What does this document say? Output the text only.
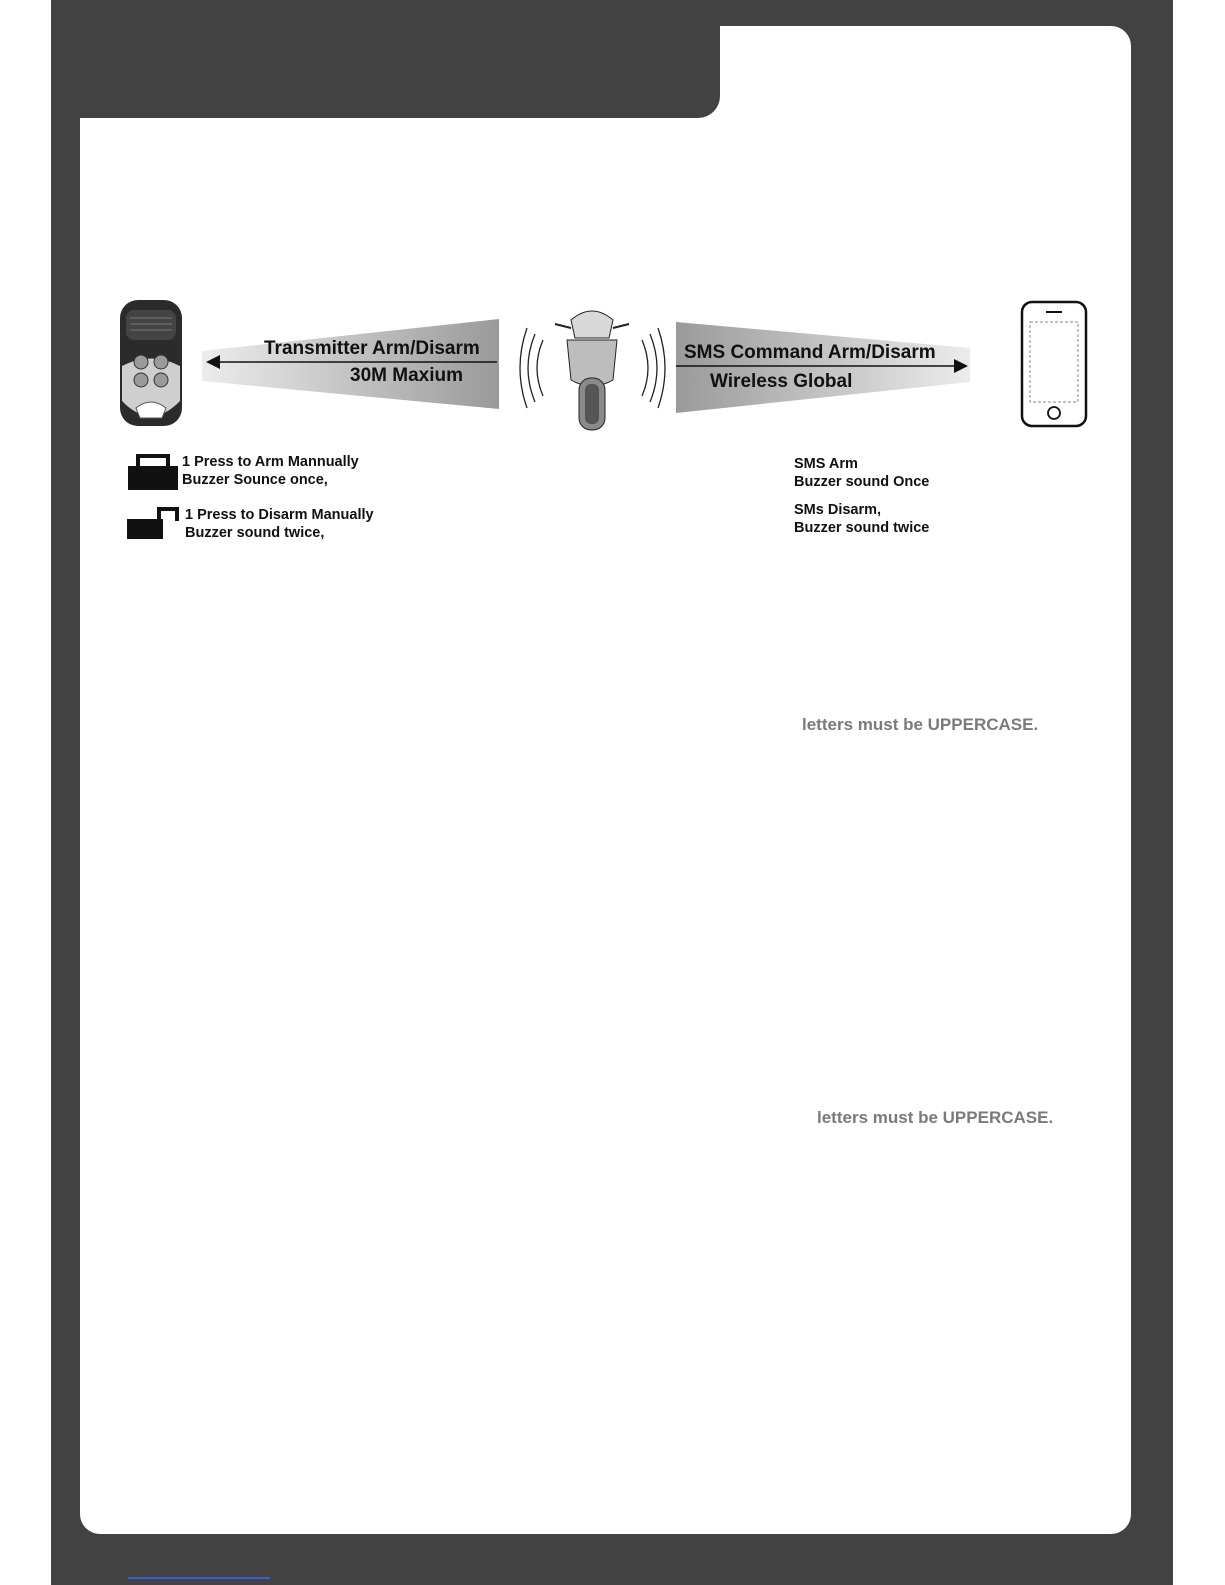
Transmitter Arm/Disarm
30M Maxium
SMS Command Arm/Disarm
Wireless Global
1 Press to Arm Mannually
Buzzer Sounce once,
1 Press to Disarm Manually
Buzzer sound twice,
SMS Arm
Buzzer sound Once
SMs Disarm,
Buzzer sound twice
letters must be UPPERCASE.
letters must be UPPERCASE.
